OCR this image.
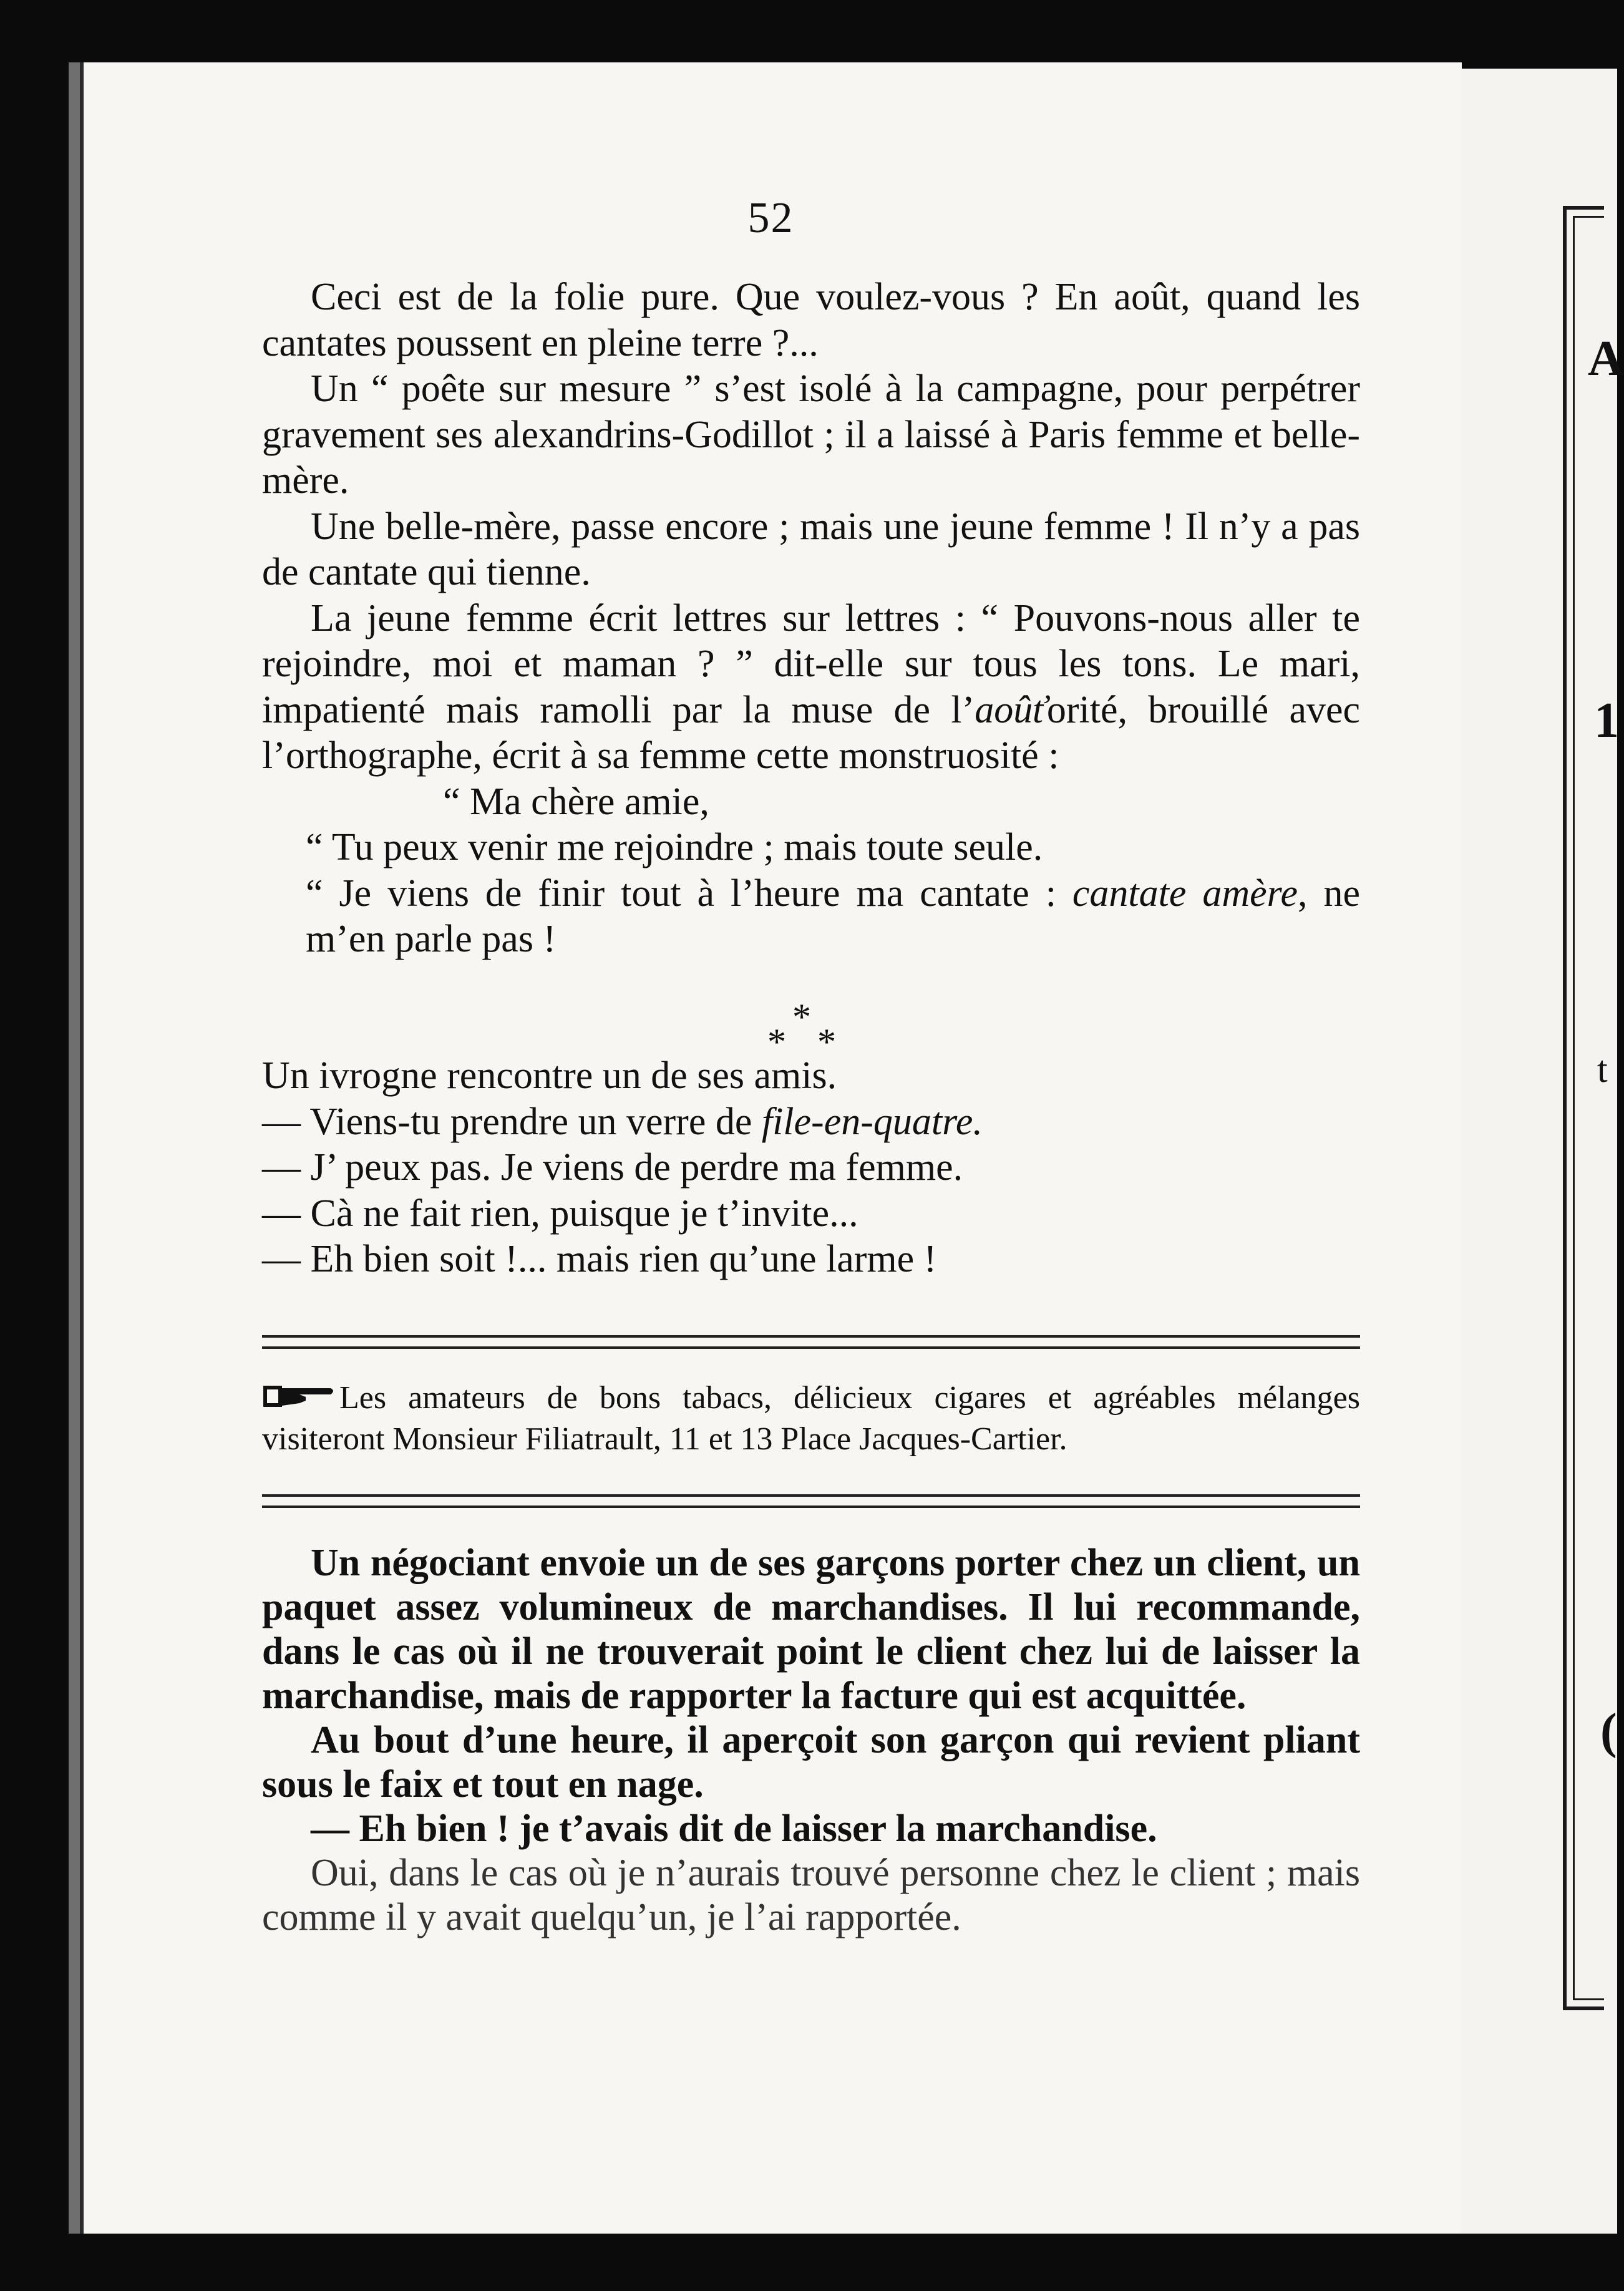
52
A
1
t
(

Ceci est de la folie pure. Que voulez-vous ? En août, quand les cantates poussent en pleine terre ?...

Un “ poête sur mesure ” s’est isolé à la campagne, pour perpétrer gravement ses alexandrins-Godillot ; il a laissé à Paris femme et belle-mère.

Une belle-mère, passe encore ; mais une jeune femme ! Il n’y a pas de cantate qui tienne.

La jeune femme écrit lettres sur lettres : “ Pouvons-nous aller te rejoindre, moi et maman ? ” dit-elle sur tous les tons. Le mari, impatienté mais ramolli par la muse de l’aoûťorité, brouillé avec l’orthographe, écrit à sa femme cette monstruosité :

“ Ma chère amie,

“ Tu peux venir me rejoindre ; mais toute seule.

“ Je viens de finir tout à l’heure ma cantate : cantate amère, ne m’en parle pas !

*
* *

Un ivrogne rencontre un de ses amis.

— Viens-tu prendre un verre de file-en-quatre.

— J’ peux pas. Je viens de perdre ma femme.

— Cà ne fait rien, puisque je t’invite...

— Eh bien soit !... mais rien qu’une larme !

Les amateurs de bons tabacs, délicieux cigares et agréables mélanges visiteront Monsieur Filiatrault, 11 et 13 Place Jacques-Cartier.

Un négociant envoie un de ses garçons porter chez un client, un paquet assez volumineux de marchandises. Il lui recommande, dans le cas où il ne trouverait point le client chez lui de laisser la marchandise, mais de rapporter la facture qui est acquittée.

Au bout d’une heure, il aperçoit son garçon qui revient pliant sous le faix et tout en nage.

— Eh bien ! je t’avais dit de laisser la marchandise.

Oui, dans le cas où je n’aurais trouvé personne chez le client ; mais comme il y avait quelqu’un, je l’ai rapportée.
